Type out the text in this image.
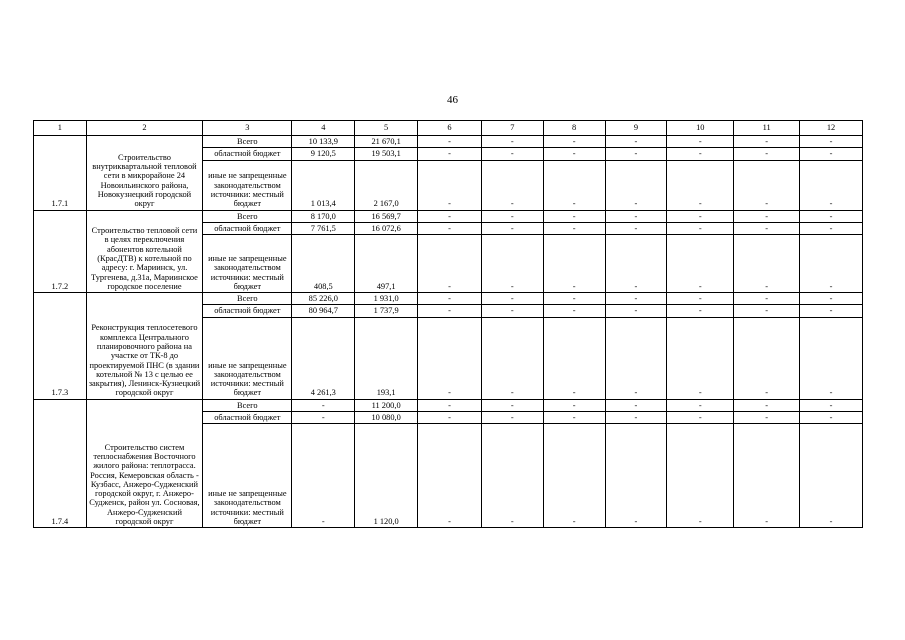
46
1	2	3	4	5	6	7	8	9	10	11	12
1.7.1	Строительство внутриквартальной тепловой сети в микрорайоне 24 Новоильинского района, Новокузнецкий городской округ	Всего	10 133,9	21 670,1	-	-	-	-	-	-	-
		областной бюджет	9 120,5	19 503,1	-	-	-	-	-	-	-
		иные не запрещенные законодательством источники: местный бюджет	1 013,4	2 167,0	-	-	-	-	-	-	-
1.7.2	Строительство тепловой сети в целях переключения абонентов котельной (КрасДТВ) к котельной по адресу: г. Мариинск, ул. Тургенева, д.31а, Мариинское городское поселение	Всего	8 170,0	16 569,7	-	-	-	-	-	-	-
		областной бюджет	7 761,5	16 072,6	-	-	-	-	-	-	-
		иные не запрещенные законодательством источники: местный бюджет	408,5	497,1	-	-	-	-	-	-	-
1.7.3	Реконструкция теплосетевого комплекса Центрального планировочного района на участке от ТК-8 до проектируемой ПНС (в здании котельной № 13 с целью ее закрытия), Ленинск-Кузнецкий городской округ	Всего	85 226,0	1 931,0	-	-	-	-	-	-	-
		областной бюджет	80 964,7	1 737,9	-	-	-	-	-	-	-
		иные не запрещенные законодательством источники: местный бюджет	4 261,3	193,1	-	-	-	-	-	-	-
1.7.4	Строительство систем теплоснабжения Восточного жилого района: теплотрасса. Россия, Кемеровская область - Кузбасс, Анжеро-Судженский городской округ, г. Анжеро-Судженск, район ул. Сосновая, Анжеро-Судженский городской округ	Всего	-	11 200,0	-	-	-	-	-	-	-
		областной бюджет	-	10 080,0	-	-	-	-	-	-	-
		иные не запрещенные законодательством источники: местный бюджет	-	1 120,0	-	-	-	-	-	-	-
